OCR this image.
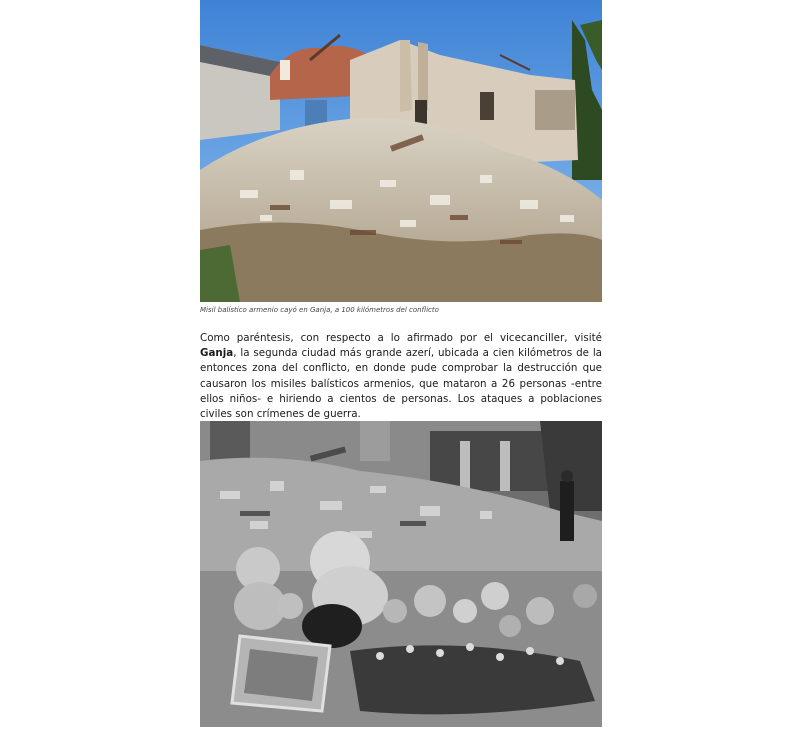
Misil balístico armenio cayó en Ganja, a 100 kilómetros del conflicto
Como paréntesis, con respecto a lo afirmado por el vicecanciller, visité Ganja, la segunda ciudad más grande azerí, ubicada a cien kilómetros de la entonces zona del conflicto, en donde pude comprobar la destrucción que causaron los misiles balísticos armenios, que mataron a 26 personas -entre ellos niños- e hiriendo a cientos de personas. Los ataques a poblaciones civiles son crímenes de guerra.
